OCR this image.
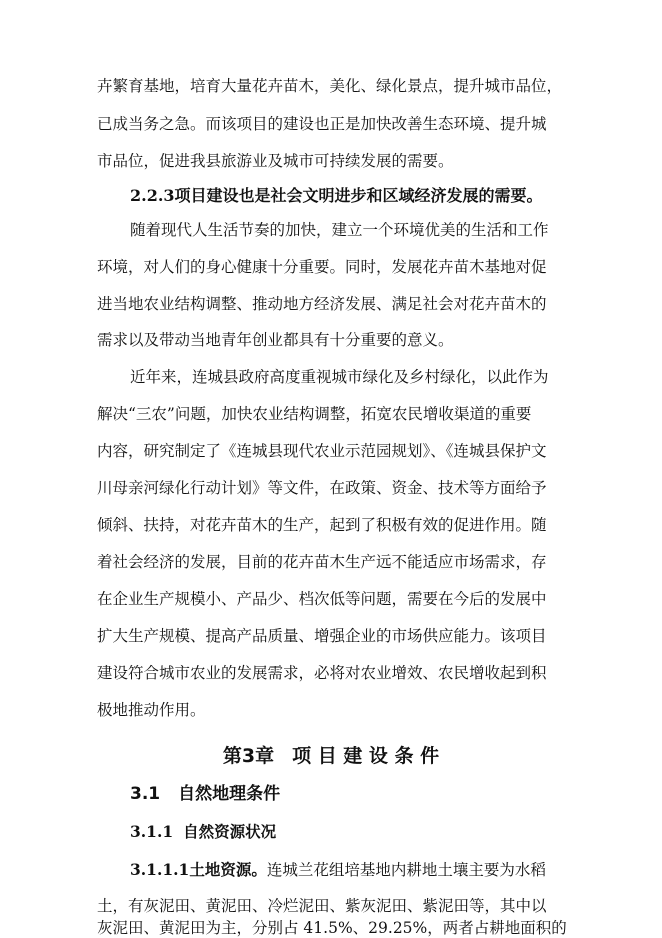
卉繁育基地，培育大量花卉苗木，美化、绿化景点，提升城市品位，
已成当务之急。而该项目的建设也正是加快改善生态环境、提升城
市品位，促进我县旅游业及城市可持续发展的需要。
2.2.3项目建设也是社会文明进步和区域经济发展的需要。
随着现代人生活节奏的加快，建立一个环境优美的生活和工作
环境，对人们的身心健康十分重要。同时，发展花卉苗木基地对促
进当地农业结构调整、推动地方经济发展、满足社会对花卉苗木的
需求以及带动当地青年创业都具有十分重要的意义。
近年来，连城县政府高度重视城市绿化及乡村绿化，以此作为
解决“三农”问题，加快农业结构调整，拓宽农民增收渠道的重要
内容，研究制定了《连城县现代农业示范园规划》、《连城县保护文
川母亲河绿化行动计划》等文件，在政策、资金、技术等方面给予
倾斜、扶持，对花卉苗木的生产，起到了积极有效的促进作用。随
着社会经济的发展，目前的花卉苗木生产远不能适应市场需求，存
在企业生产规模小、产品少、档次低等问题，需要在今后的发展中
扩大生产规模、提高产品质量、增强企业的市场供应能力。该项目
建设符合城市农业的发展需求，必将对农业增效、农民增收起到积
极地推动作用。
第3章 项 目 建 设 条 件
3.1 自然地理条件
3.1.1 自然资源状况
3.1.1.1土地资源。连城兰花组培基地内耕地土壤主要为水稻
土，有灰泥田、黄泥田、冷烂泥田、紫灰泥田、紫泥田等，其中以
灰泥田、黄泥田为主，分别占 41.5%、29.25%，两者占耕地面积的
